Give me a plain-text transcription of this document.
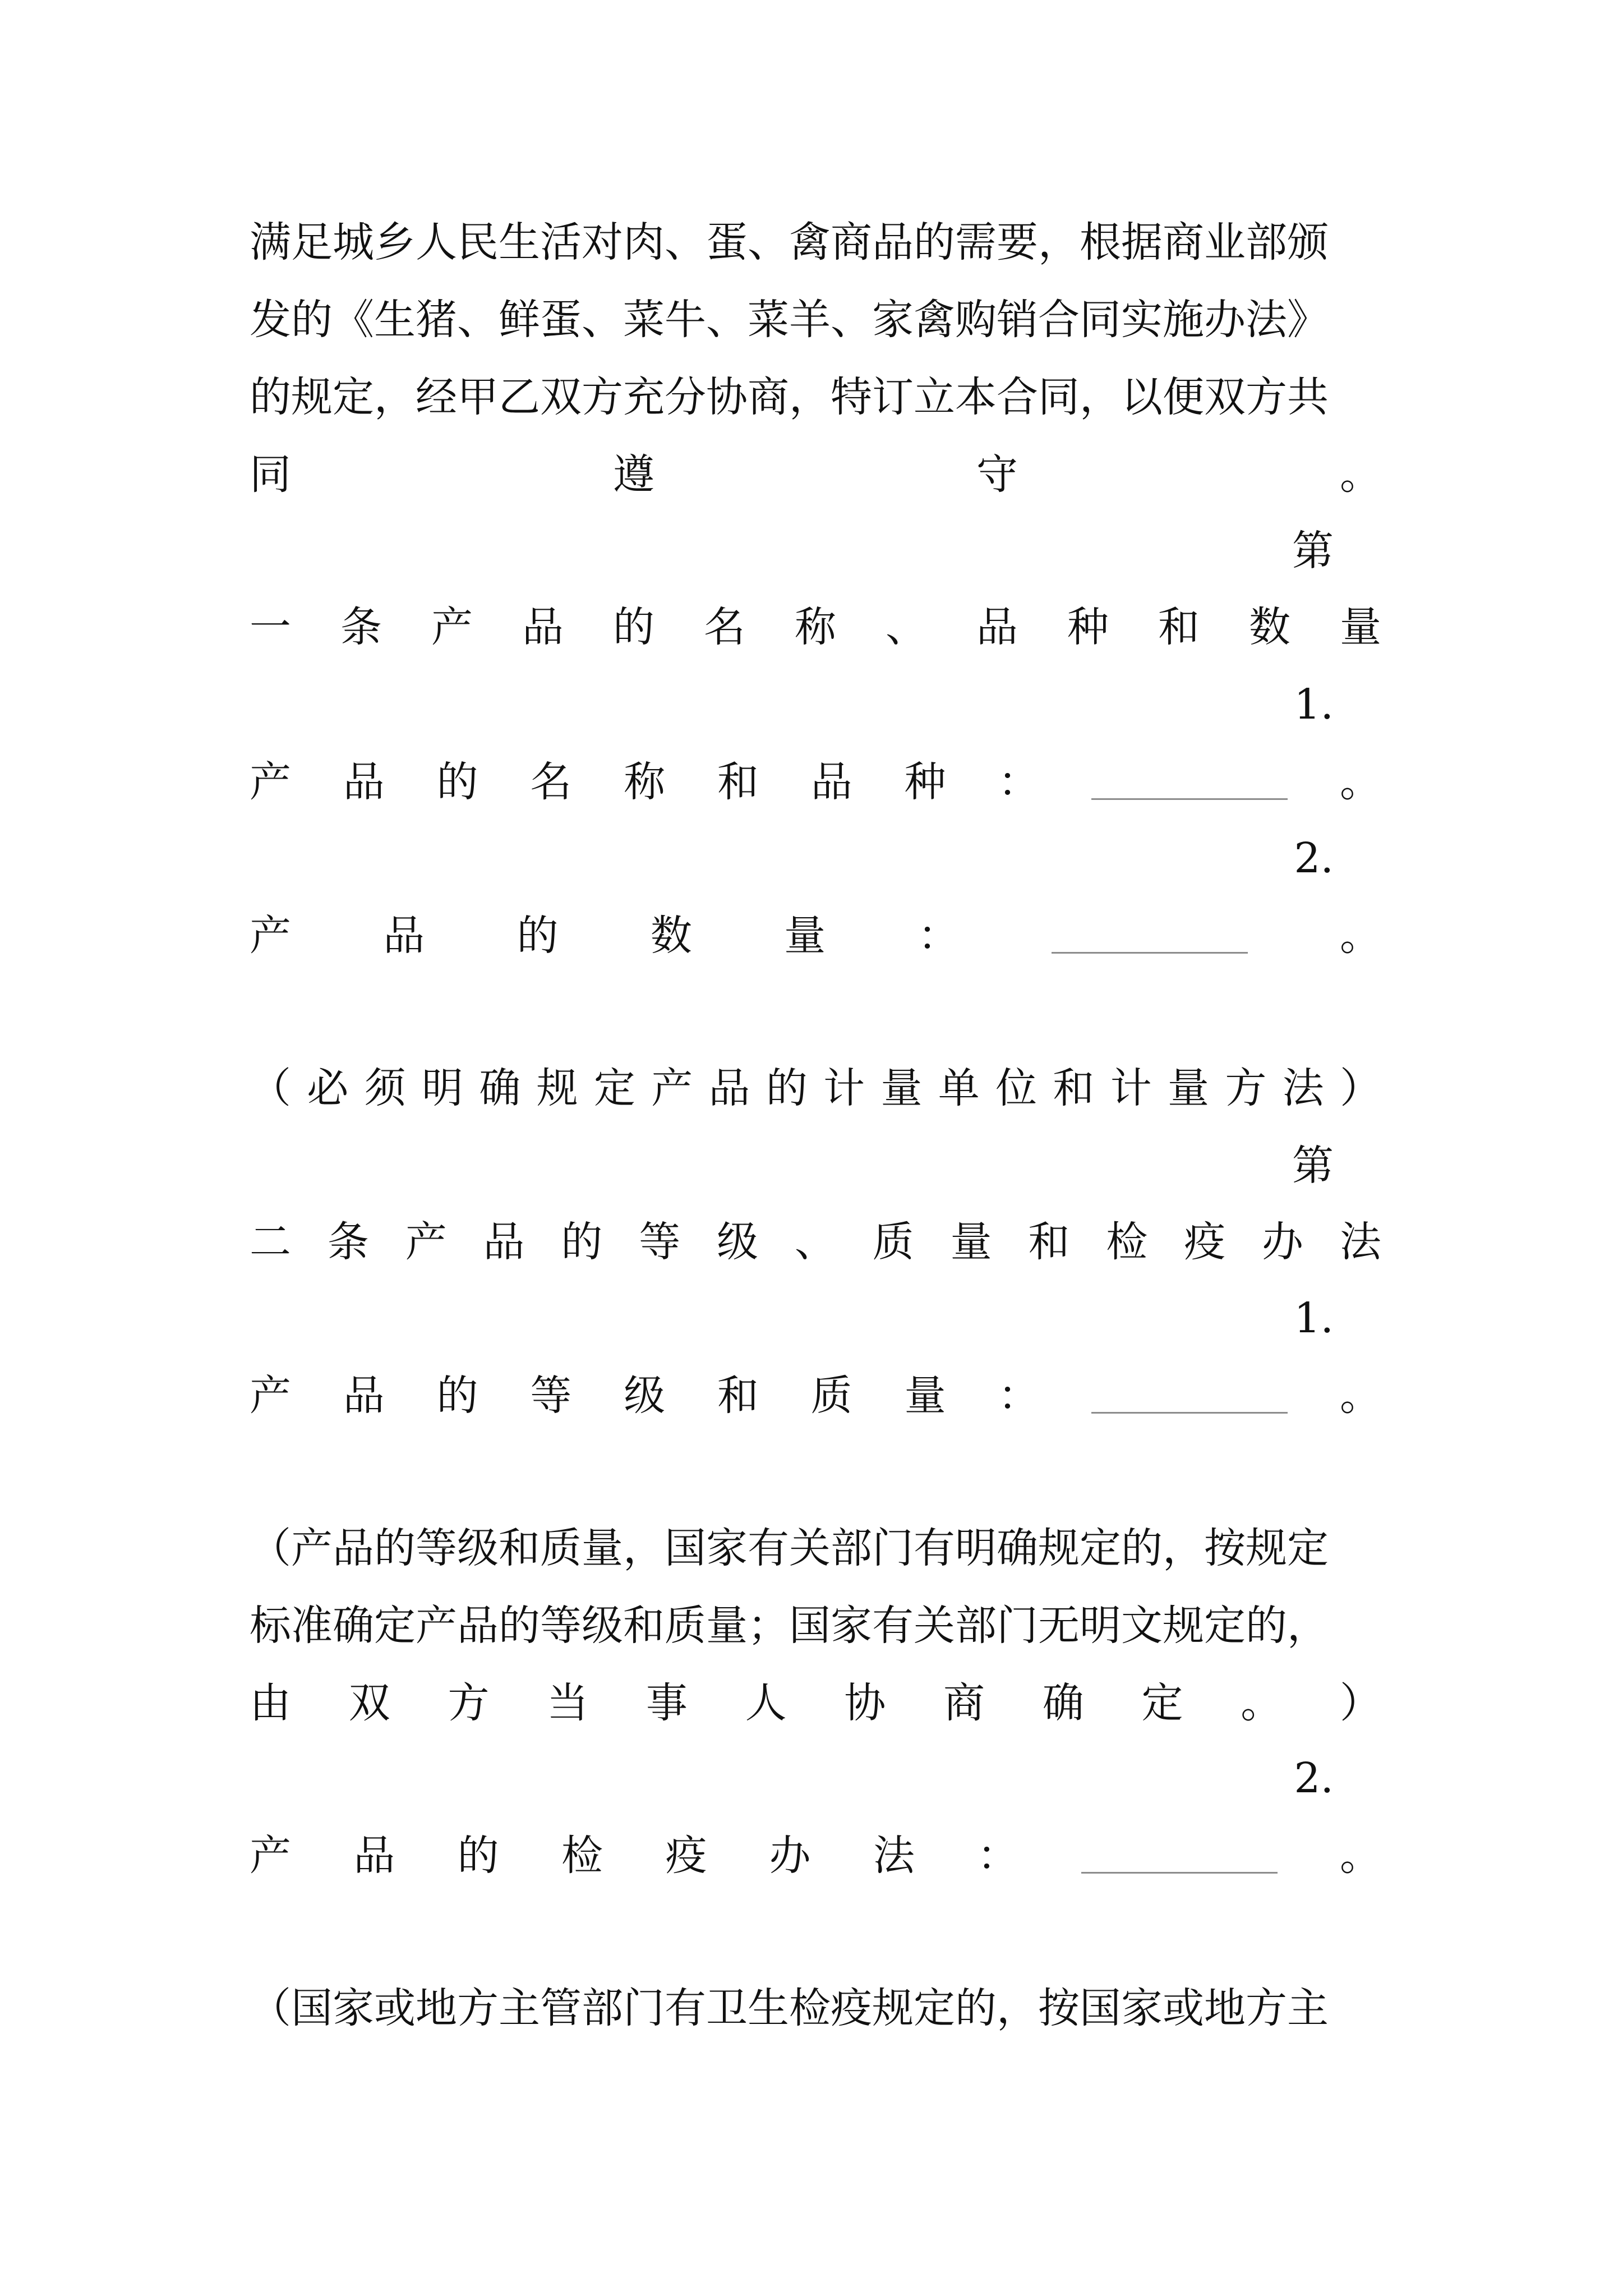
满足城乡人民生活对肉、蛋、禽商品的需要，根据商业部颁
发的《生猪、鲜蛋、菜牛、菜羊、家禽购销合同实施办法》
的规定，经甲乙双方充分协商，特订立本合同，以便双方共
同	遵	守	。
第
一 条 产 品 的 名 称 、 品 种 和 数 量
1.
产 品 的 名 称 和 品 种 ：	。
2.
产 品 的 数 量 ：	。
（ 必 须 明 确 规 定 产 品 的 计 量 单 位 和 计 量 方 法 ）
第
二 条 产 品 的 等 级 、 质 量 和 检 疫 办 法
1.
产 品 的 等 级 和 质 量 ：	。
（产品的等级和质量，国家有关部门有明确规定的，按规定
标准确定产品的等级和质量；国家有关部门无明文规定的，
由 双 方 当 事 人 协 商 确 定 。 ）
2.
产 品 的 检 疫 办 法 ：	。
（国家或地方主管部门有卫生检疫规定的，按国家或地方主
